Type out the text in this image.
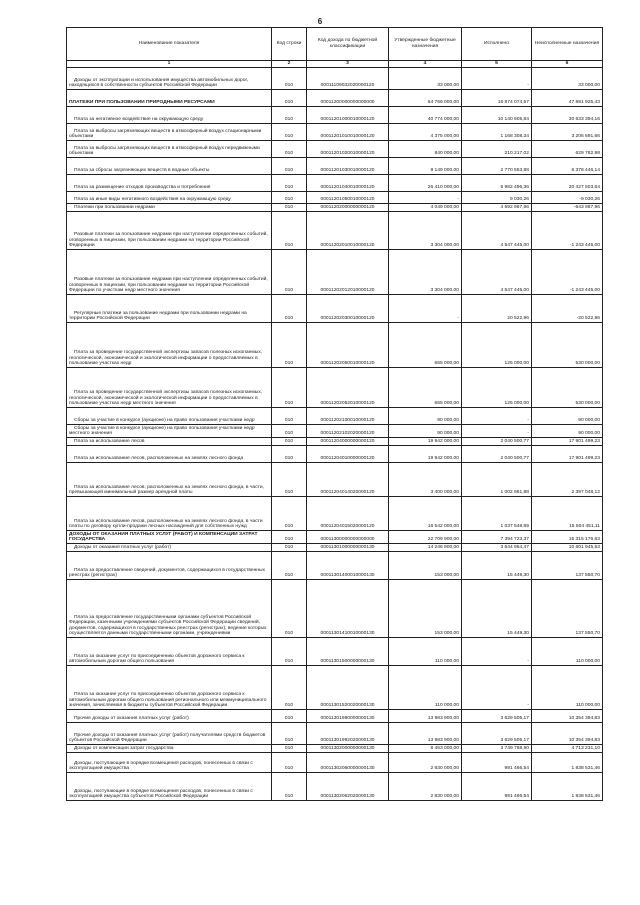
6
Наименование показателя	Код строки	Код дохода по бюджетной классификации	Утвержденные бюджетные назначения	Исполнено	Неисполненные назначения
1	2	3	4	5	6
Доходы от эксплуатации и использования имущества автомобильных дорог, находящихся в собственности субъектов Российской Федерации	010	00011109032020000120	33 000,00	-	33 000,00
ПЛАТЕЖИ ПРИ ПОЛЬЗОВАНИИ ПРИРОДНЫМИ РЕСУРСАМИ	010	00011200000000000000	64 766 000,00	16 874 074,57	47 891 925,43
Плата за негативное воздействие на окружающую среду	010	00011201000010000120	40 774 000,00	10 140 605,84	30 633 394,16
Плата за выбросы загрязняющих веществ в атмосферный воздух стационарными объектами	010	00011201010010000120	4 375 000,00	1 168 308,34	3 206 691,66
Плата за выбросы загрязняющих веществ в атмосферный воздух передвижными объектами	010	00011201020010000120	840 000,00	210 217,02	629 782,98
Плата за сбросы загрязняющих веществ в водные объекты	010	00011201030010000120	9 149 000,00	2 770 553,88	6 378 446,14
Плата за размещение отходов производства и потребления	010	00011201040010000120	26 410 000,00	5 982 496,36	20 427 503,64
Плата за иные виды негативного воздействия на окружающую среду	010	00011201050010000120	-	9 030,26	-9 030,26
Платежи при пользовании недрами	010	00011202000000000120	4 049 000,00	4 692 967,96	-643 967,96
Разовые платежи за пользование недрами при наступлении определенных событий, оговоренных в лицензии, при пользовании недрами на территории Российской Федерации	010	00011202010010000120	3 304 000,00	4 547 445,00	-1 243 445,00
Разовые платежи за пользование недрами при наступлении определенных событий, оговоренных в лицензии, при пользовании недрами на территории Российской Федерации по участкам недр местного значения	010	00011202012010000120	3 304 000,00	4 547 445,00	-1 243 445,00
Регулярные платежи за пользование недрами при пользовании недрами на территории Российской Федерации	010	00011202030010000120	-	20 522,96	-20 522,96
Плата за проведение государственной экспертизы запасов полезных ископаемых, геологической, экономической и экологической информации о предоставляемых в пользование участках недр	010	00011202050010000120	655 000,00	125 000,00	530 000,00
Плата за проведение государственной экспертизы запасов полезных ископаемых, геологической, экономической и экологической информации о предоставляемых в пользование участках недр местного значения	010	00011202052010000120	655 000,00	125 000,00	530 000,00
Сборы за участие в конкурсе (аукционе) на право пользования участками недр	010	00011202100010000120	90 000,00	-	90 000,00
Сборы за участие в конкурсе (аукционе) на право пользования участками недр местного значения	010	00011202102020000120	90 000,00	-	90 000,00
Плата за использование лесов	010	00011204000000000120	19 942 000,00	2 040 500,77	17 901 499,23
Плата за использование лесов, расположенных на землях лесного фонда	010	00011204010000000120	19 942 000,00	2 040 500,77	17 901 499,23
Плата за использование лесов, расположенных на землях лесного фонда, в части, превышающей минимальный размер арендной платы	010	00011204014020000120	3 400 000,00	1 002 951,88	2 397 048,12
Плата за использование лесов, расположенных на землях лесного фонда, в части платы по договору купли-продажи лесных насаждений для собственных нужд	010	00011204015020000120	16 542 000,00	1 037 548,89	15 504 451,11
ДОХОДЫ ОТ ОКАЗАНИЯ ПЛАТНЫХ УСЛУГ (РАБОТ) И КОМПЕНСАЦИИ ЗАТРАТ ГОСУДАРСТВА	010	00011300000000000000	22 709 900,00	7 394 723,37	15 315 176,63
Доходы от оказания платных услуг (работ)	010	00011301000000000130	14 246 900,00	3 644 954,47	10 601 945,53
Плата за предоставление сведений, документов, содержащихся в государственных реестрах (регистрах)	010	00011301400010000130	153 000,00	15 449,30	137 550,70
Плата за предоставление государственными органами субъектов Российской Федерации, казенными учреждениями субъектов Российской Федерации сведений, документов, содержащихся в государственных реестрах (регистрах), ведение которых осуществляется данными государственными органами, учреждениями	010	00011301410010000130	153 000,00	15 449,30	137 550,70
Плата за оказание услуг по присоединению объектов дорожного сервиса к автомобильным дорогам общего пользования	010	00011301500000000130	110 000,00	-	110 000,00
Плата за оказание услуг по присоединению объектов дорожного сервиса к автомобильным дорогам общего пользования регионального или межмуниципального значения, зачисляемая в бюджеты субъектов Российской Федерации	010	00011301520020000130	110 000,00	-	110 000,00
Прочие доходы от оказания платных услуг (работ)	010	00011301990000000130	13 983 900,00	3 629 505,17	10 354 394,83
Прочие доходы от оказания платных услуг (работ) получателями средств бюджетов субъектов Российской Федерации	010	00011301992020000130	13 983 900,00	3 629 505,17	10 354 394,83
Доходы от компенсации затрат государства	010	00011302000000000130	8 463 000,00	3 749 768,90	4 713 231,10
Доходы, поступающие в порядке возмещения расходов, понесенных в связи с эксплуатацией имущества	010	00011302060000000130	2 830 000,00	991 466,54	1 838 531,46
Доходы, поступающие в порядке возмещения расходов, понесенных в связи с эксплуатацией имущества субъектов Российской Федерации	010	00011302062020000130	2 830 000,00	991 466,54	1 838 531,46
